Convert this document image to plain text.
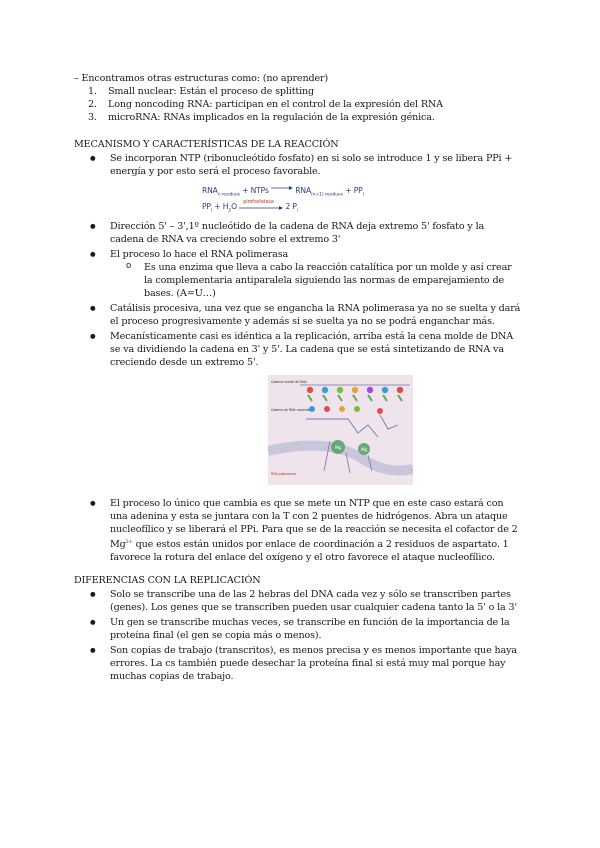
– Encontramos otras estructuras como: (no aprender)
1. Small nuclear: Están el proceso de splitting
2. Long noncoding RNA: participan en el control de la expresión del RNA
3. microRNA: RNAs implicados en la regulación de la expresión génica.
MECANISMO Y CARACTERÍSTICAS DE LA REACCIÓN
● Se incorporan NTP (ribonucleótido fosfato) en si solo se introduce 1 y se libera PPi +
energía y por esto será el proceso favorable.
$RNA_{n residuos}$ + NTPs → $RNA_{(n+1) residuos} + PP_i$
$PP_i + H_2O$ pirofosfatasa 2 $P_i$
● Dirección 5' – 3',1º nucleótido de la cadena de RNA deja extremo 5' fosfato y la
cadena de RNA va creciendo sobre el extremo 3'
● El proceso lo hace el RNA polimerasa
o Es una enzima que lleva a cabo la reacción catalítica por un molde y así crear
la complementaria antiparalela siguiendo las normas de emparejamiento de
bases. (A=U…)
● Catálisis procesiva, una vez que se engancha la RNA polimerasa ya no se suelta y dará
el proceso progresivamente y además si se suelta ya no se podrá enganchar más.
● Mecanísticamente casi es idéntica a la replicación, arriba está la cena molde de DNA
se va dividiendo la cadena en 3' y 5'. La cadena que se está sintetizando de RNA va
creciendo desde un extremo 5'.
Mg	Mg
Cadena molde de DNA
Cadena de RNA naciente
RNA polimerasa
● El proceso lo único que cambia es que se mete un NTP que en este caso estará con
una adenina y esta se juntara con la T con 2 puentes de hidrógenos. Abra un ataque
nucleofílico y se liberará el PPi. Para que se de la reacción se necesita el cofactor de 2
$Mg^{2+}$ que estos están unidos por enlace de coordinación a 2 residuos de aspartato. 1
favorece la rotura del enlace del oxígeno y el otro favorece el ataque nucleofílico.
DIFERENCIAS CON LA REPLICACIÓN
● Solo se transcribe una de las 2 hebras del DNA cada vez y sólo se transcriben partes
(genes). Los genes que se transcriben pueden usar cualquier cadena tanto la 5' o la 3'
● Un gen se transcribe muchas veces, se transcribe en función de la importancia de la
proteína final (el gen se copia más o menos).
● Son copias de trabajo (transcritos), es menos precisa y es menos importante que haya
errores. La cs también puede desechar la proteína final si está muy mal porque hay
muchas copias de trabajo.
